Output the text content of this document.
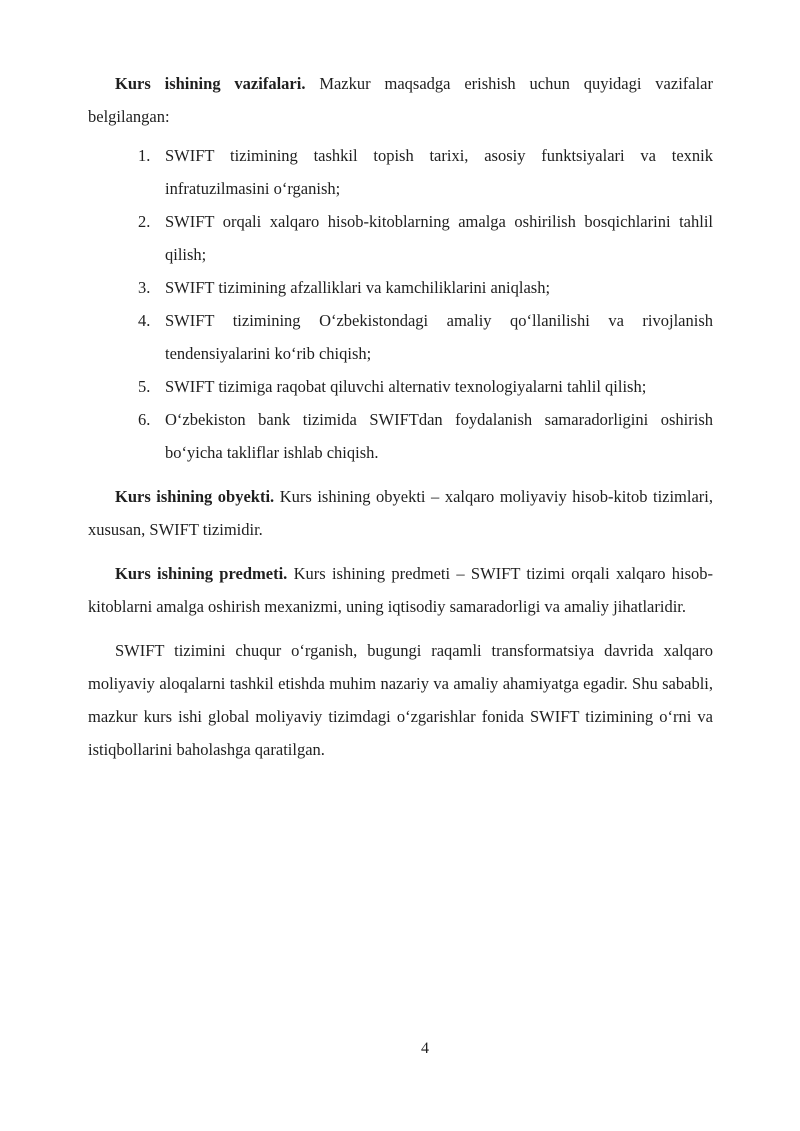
Kurs ishining vazifalari. Mazkur maqsadga erishish uchun quyidagi vazifalar belgilangan:

1. SWIFT tizimining tashkil topish tarixi, asosiy funktsiyalari va texnik infratuzilmasini o‘rganish;
2. SWIFT orqali xalqaro hisob-kitoblarning amalga oshirilish bosqichlarini tahlil qilish;
3. SWIFT tizimining afzalliklari va kamchiliklarini aniqlash;
4. SWIFT tizimining O‘zbekistondagi amaliy qo‘llanilishi va rivojlanish tendensiyalarini ko‘rib chiqish;
5. SWIFT tizimiga raqobat qiluvchi alternativ texnologiyalarni tahlil qilish;
6. O‘zbekiston bank tizimida SWIFTdan foydalanish samaradorligini oshirish bo‘yicha takliflar ishlab chiqish.

Kurs ishining obyekti. Kurs ishining obyekti – xalqaro moliyaviy hisob-kitob tizimlari, xususan, SWIFT tizimidir.

Kurs ishining predmeti. Kurs ishining predmeti – SWIFT tizimi orqali xalqaro hisob-kitoblarni amalga oshirish mexanizmi, uning iqtisodiy samaradorligi va amaliy jihatlaridir.

SWIFT tizimini chuqur o‘rganish, bugungi raqamli transformatsiya davrida xalqaro moliyaviy aloqalarni tashkil etishda muhim nazariy va amaliy ahamiyatga egadir. Shu sababli, mazkur kurs ishi global moliyaviy tizimdagi o‘zgarishlar fonida SWIFT tizimining o‘rni va istiqbollarini baholashga qaratilgan.

4
